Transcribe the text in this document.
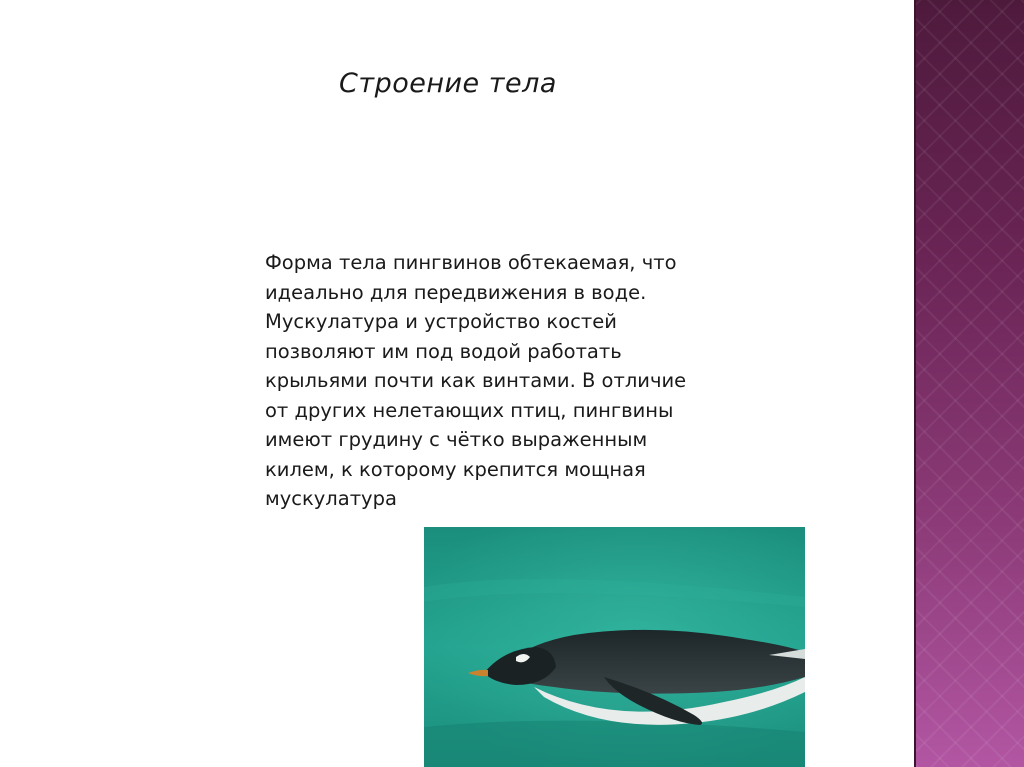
Строение тела

Форма тела пингвинов обтекаемая, что
идеально для передвижения в воде.
Мускулатура и устройство костей
позволяют им под водой работать
крыльями почти как винтами. В отличие
от других нелетающих птиц, пингвины
имеют грудину с чётко выраженным
килем, к которому крепится мощная
мускулатура
